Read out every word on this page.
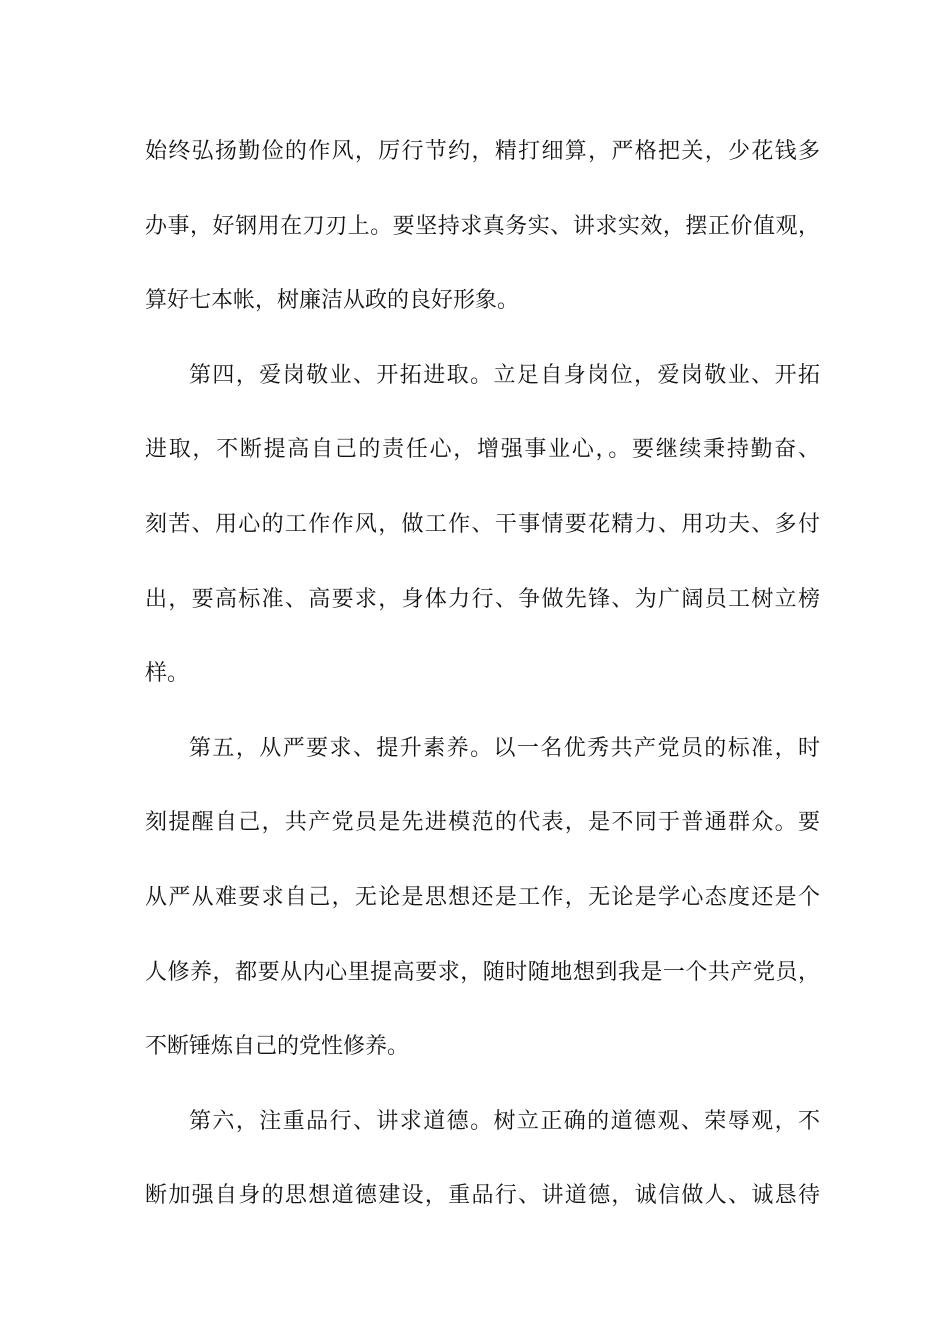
始终弘扬勤俭的作风，厉行节约，精打细算，严格把关，少花钱多
办事，好钢用在刀刃上。要坚持求真务实、讲求实效，摆正价值观，
算好七本帐，树廉洁从政的良好形象。
第四，爱岗敬业、开拓进取。立足自身岗位，爱岗敬业、开拓
进取，不断提高自己的责任心，增强事业心，。要继续秉持勤奋、
刻苦、用心的工作作风，做工作、干事情要花精力、用功夫、多付
出，要高标准、高要求，身体力行、争做先锋、为广阔员工树立榜
样。
第五，从严要求、提升素养。以一名优秀共产党员的标准，时
刻提醒自己，共产党员是先进模范的代表，是不同于普通群众。要
从严从难要求自己，无论是思想还是工作，无论是学心态度还是个
人修养，都要从内心里提高要求，随时随地想到我是一个共产党员，
不断锤炼自己的党性修养。
第六，注重品行、讲求道德。树立正确的道德观、荣辱观，不
断加强自身的思想道德建设，重品行、讲道德，诚信做人、诚恳待
